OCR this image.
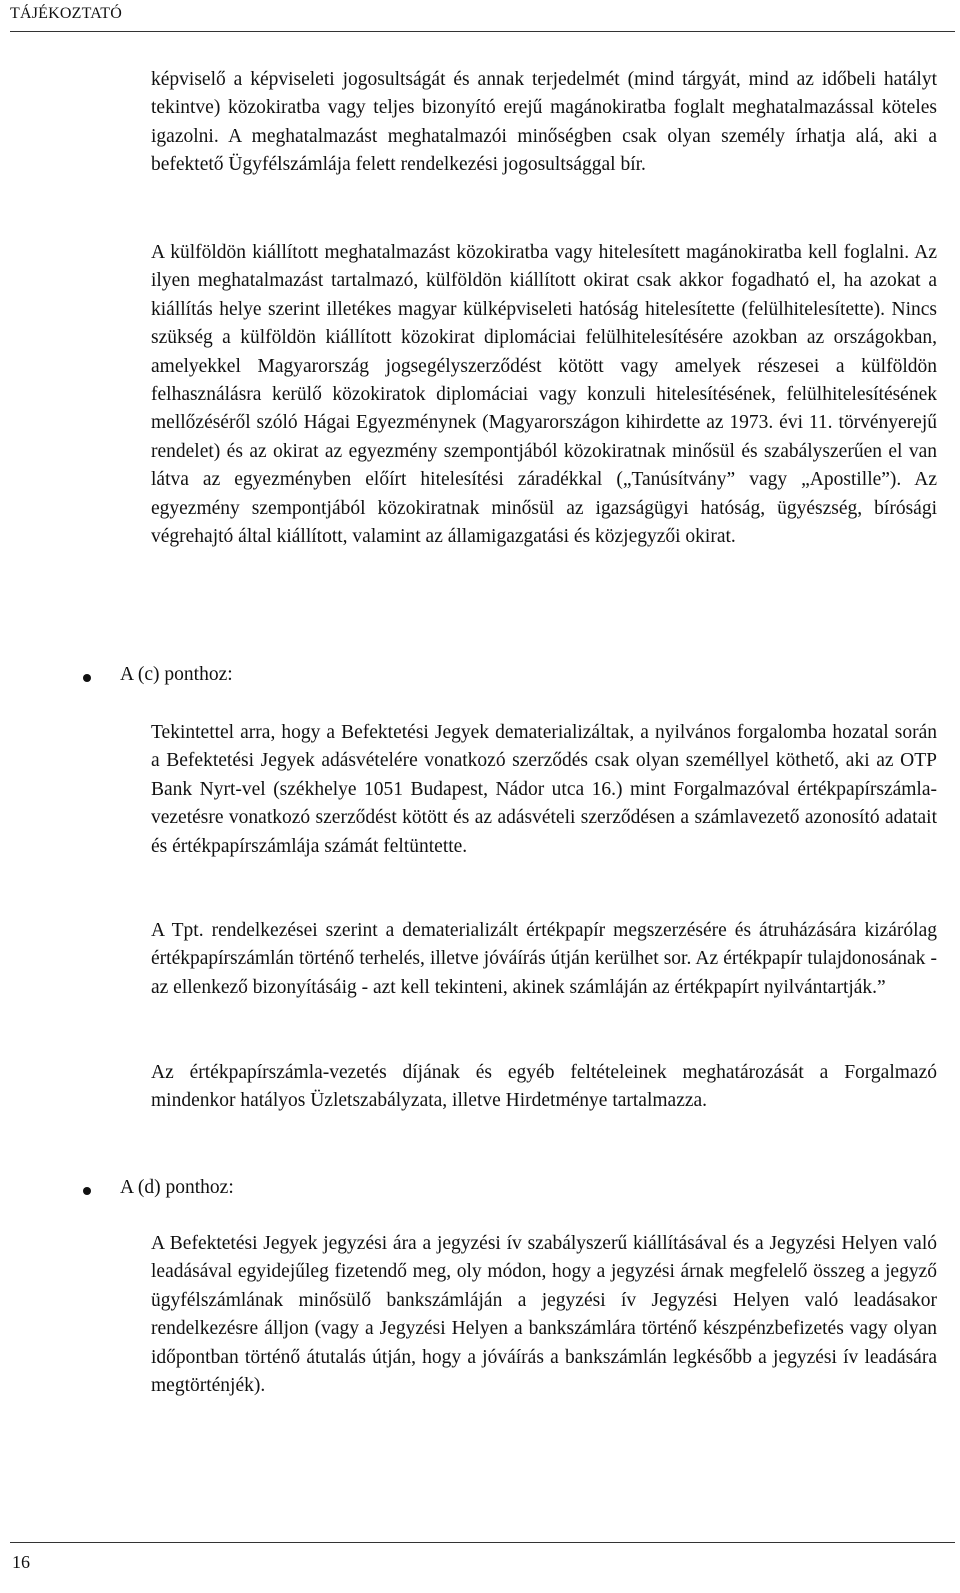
TÁJÉKOZTATÓ

képviselő a képviseleti jogosultságát és annak terjedelmét (mind tárgyát, mind az időbeli hatályt tekintve) közokiratba vagy teljes bizonyító erejű magánokiratba foglalt meghatalmazással köteles igazolni. A meghatalmazást meghatalmazói minőségben csak olyan személy írhatja alá, aki a befektető Ügyfélszámlája felett rendelkezési jogosultsággal bír.

A külföldön kiállított meghatalmazást közokiratba vagy hitelesített magánokiratba kell foglalni. Az ilyen meghatalmazást tartalmazó, külföldön kiállított okirat csak akkor fogadható el, ha azokat a kiállítás helye szerint illetékes magyar külképviseleti hatóság hitelesítette (felülhitelesítette). Nincs szükség a külföldön kiállított közokirat diplomáciai felülhitelesítésére azokban az országokban, amelyekkel Magyarország jogsegélyszerződést kötött vagy amelyek részesei a külföldön felhasználásra kerülő közokiratok diplomáciai vagy konzuli hitelesítésének, felülhitelesítésének mellőzéséről szóló Hágai Egyezménynek (Magyarországon kihirdette az 1973. évi 11. törvényerejű rendelet) és az okirat az egyezmény szempontjából közokiratnak minősül és szabályszerűen el van látva az egyezményben előírt hitelesítési záradékkal („Tanúsítvány” vagy „Apostille”). Az egyezmény szempontjából közokiratnak minősül az igazságügyi hatóság, ügyészség, bírósági végrehajtó által kiállított, valamint az államigazgatási és közjegyzői okirat.

A (c) ponthoz:

Tekintettel arra, hogy a Befektetési Jegyek dematerializáltak, a nyilvános forgalomba hozatal során a Befektetési Jegyek adásvételére vonatkozó szerződés csak olyan személlyel köthető, aki az OTP Bank Nyrt-vel (székhelye 1051 Budapest, Nádor utca 16.) mint Forgalmazóval értékpapírszámla-vezetésre vonatkozó szerződést kötött és az adásvételi szerződésen a számlavezető azonosító adatait és értékpapírszámlája számát feltüntette.

A Tpt. rendelkezései szerint a dematerializált értékpapír megszerzésére és átruházására kizárólag értékpapírszámlán történő terhelés, illetve jóváírás útján kerülhet sor. Az értékpapír tulajdonosának - az ellenkező bizonyításáig - azt kell tekinteni, akinek számláján az értékpapírt nyilvántartják.”

Az értékpapírszámla-vezetés díjának és egyéb feltételeinek meghatározását a Forgalmazó mindenkor hatályos Üzletszabályzata, illetve Hirdetménye tartalmazza.

A (d) ponthoz:

A Befektetési Jegyek jegyzési ára a jegyzési ív szabályszerű kiállításával és a Jegyzési Helyen való leadásával egyidejűleg fizetendő meg, oly módon, hogy a jegyzési árnak megfelelő összeg a jegyző ügyfélszámlának minősülő bankszámláján a jegyzési ív Jegyzési Helyen való leadásakor rendelkezésre álljon (vagy a Jegyzési Helyen a bankszámlára történő készpénzbefizetés vagy olyan időpontban történő átutalás útján, hogy a jóváírás a bankszámlán legkésőbb a jegyzési ív leadására megtörténjék).

16
